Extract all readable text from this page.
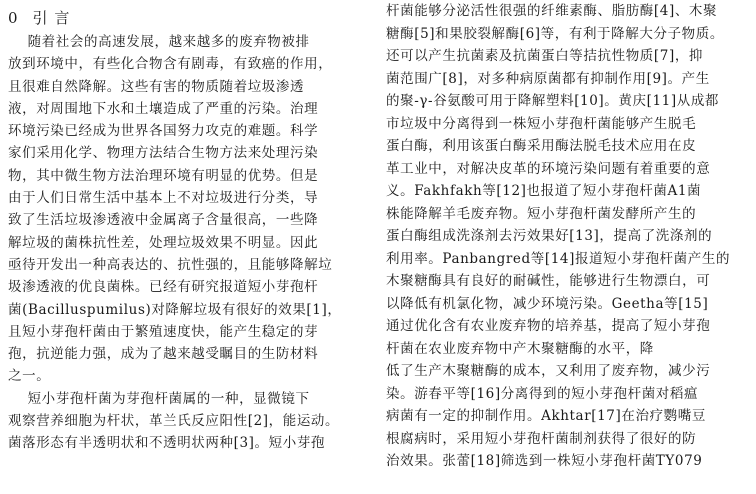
0 引 言
随着社会的高速发展，越来越多的废弃物被排
放到环境中，有些化合物含有剧毒，有致癌的作用，
且很难自然降解。这些有害的物质随着垃圾渗透
液，对周围地下水和土壤造成了严重的污染。治理
环境污染已经成为世界各国努力攻克的难题。科学
家们采用化学、物理方法结合生物方法来处理污染
物，其中微生物方法治理环境有明显的优势。但是
由于人们日常生活中基本上不对垃圾进行分类，导
致了生活垃圾渗透液中金属离子含量很高，一些降
解垃圾的菌株抗性差，处理垃圾效果不明显。因此
亟待开发出一种高表达的、抗性强的，且能够降解垃
圾渗透液的优良菌株。已经有研究报道短小芽孢杆
菌(Bacilluspumilus)对降解垃圾有很好的效果[1]，
且短小芽孢杆菌由于繁殖速度快，能产生稳定的芽
孢，抗逆能力强，成为了越来越受瞩目的生防材料
之一。
短小芽孢杆菌为芽孢杆菌属的一种，显微镜下
观察营养细胞为杆状，革兰氏反应阳性[2]，能运动。
菌落形态有半透明状和不透明状两种[3]。短小芽孢
杆菌能够分泌活性很强的纤维素酶、脂肪酶[4]、木聚
糖酶[5]和果胶裂解酶[6]等，有利于降解大分子物质。
还可以产生抗菌素及抗菌蛋白等拮抗性物质[7]，抑
菌范围广[8]，对多种病原菌都有抑制作用[9]。产生
的聚-γ-谷氨酸可用于降解塑料[10]。黄庆[11]从成都
市垃圾中分离得到一株短小芽孢杆菌能够产生脱毛
蛋白酶，利用该蛋白酶采用酶法脱毛技术应用在皮
革工业中，对解决皮革的环境污染问题有着重要的意
义。Fakhfakh等[12]也报道了短小芽孢杆菌A1菌
株能降解羊毛废弃物。短小芽孢杆菌发酵所产生的
蛋白酶组成洗涤剂去污效果好[13]，提高了洗涤剂的
利用率。Panbangred等[14]报道短小芽孢杆菌产生的
木聚糖酶具有良好的耐碱性，能够进行生物漂白，可
以降低有机氯化物，减少环境污染。Geetha等[15]
通过优化含有农业废弃物的培养基，提高了短小芽孢
杆菌在农业废弃物中产木聚糖酶的水平，降
低了生产木聚糖酶的成本，又利用了废弃物，减少污
染。游春平等[16]分离得到的短小芽孢杆菌对稻瘟
病菌有一定的抑制作用。Akhtar[17]在治疗鹦嘴豆
根腐病时，采用短小芽孢杆菌制剂获得了很好的防
治效果。张蕾[18]筛选到一株短小芽孢杆菌TY079
